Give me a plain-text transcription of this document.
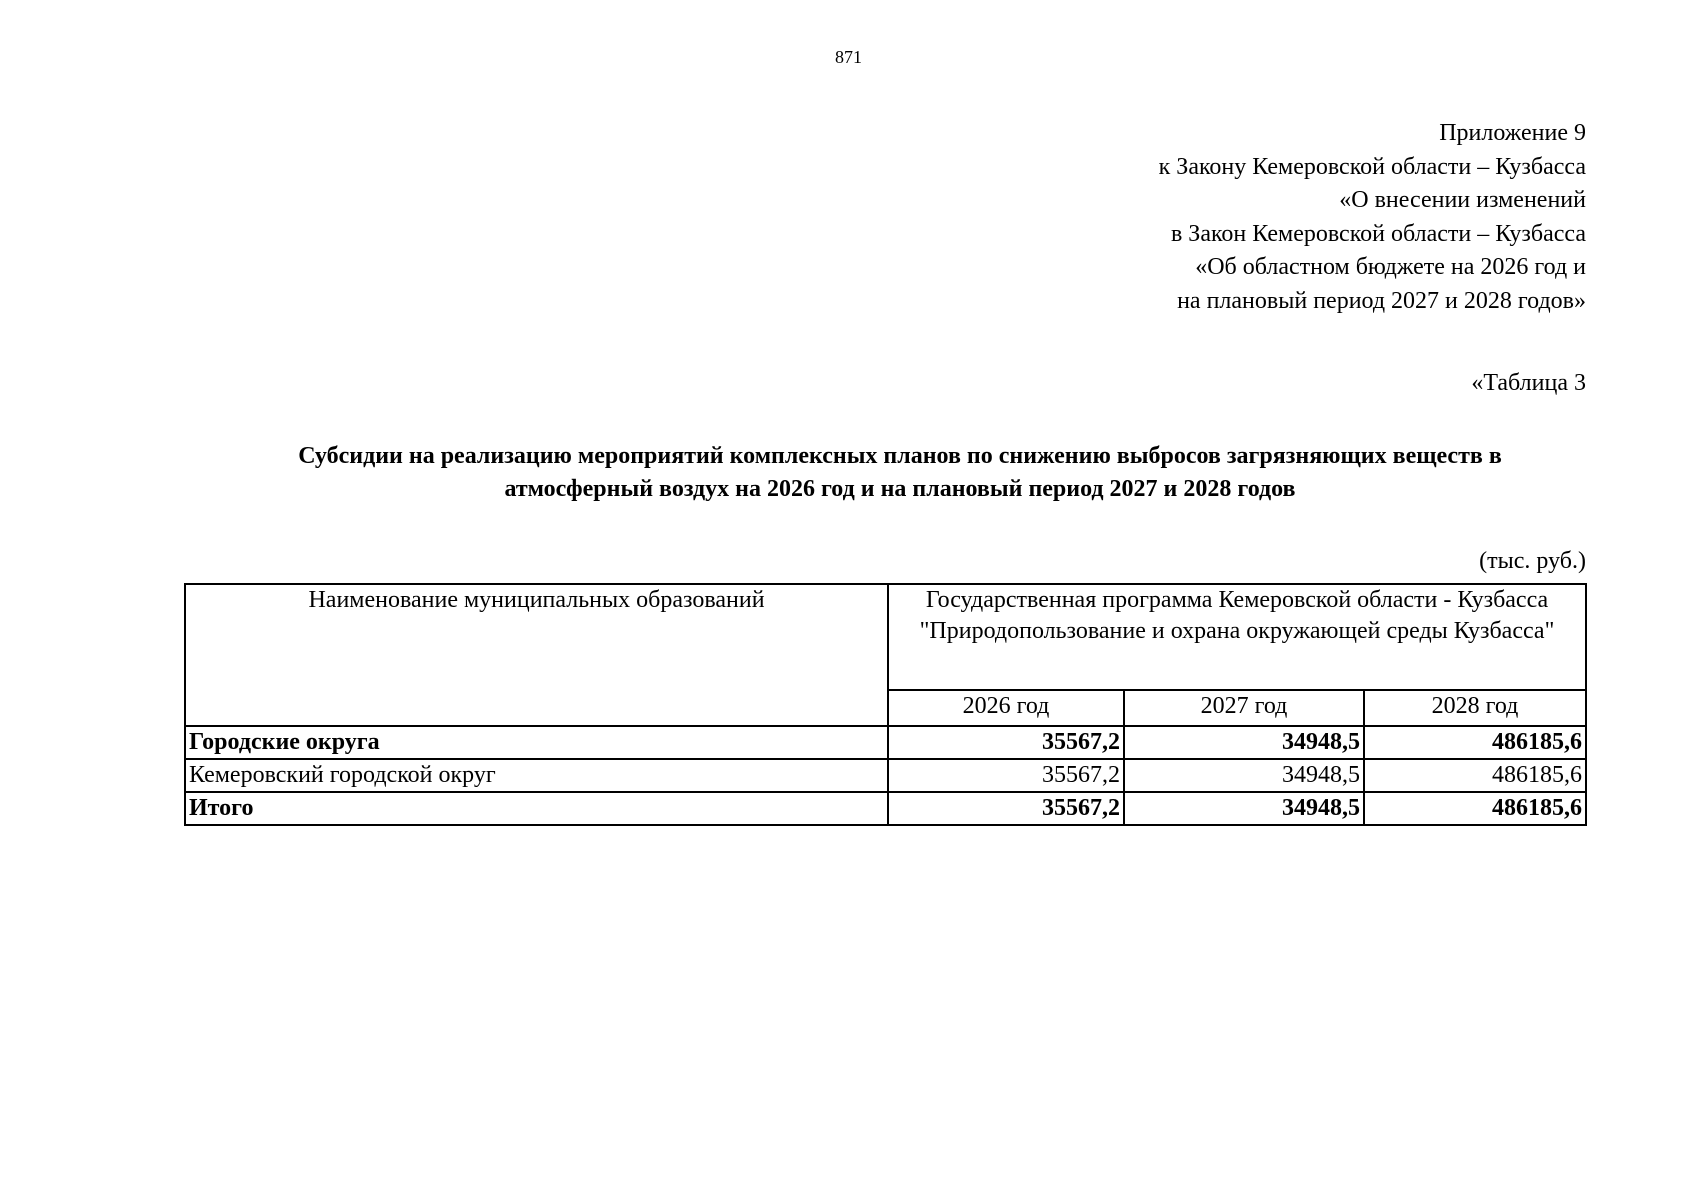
871
Приложение 9
к Закону Кемеровской области – Кузбасса
«О внесении изменений
в Закон Кемеровской области – Кузбасса
«Об областном бюджете на 2026 год и
на плановый период 2027 и 2028 годов»
«Таблица 3
Субсидии на реализацию мероприятий комплексных планов по снижению выбросов загрязняющих веществ в
атмосферный воздух на 2026 год и на плановый период 2027 и 2028 годов
(тыс. руб.)
Наименование муниципальных образований	Государственная программа Кемеровской области - Кузбасса "Природопользование и охрана окружающей среды Кузбасса"		
	2026 год	2027 год	2028 год
Городские округа	35567,2	34948,5	486185,6
Кемеровский городской округ	35567,2	34948,5	486185,6
Итого	35567,2	34948,5	486185,6
